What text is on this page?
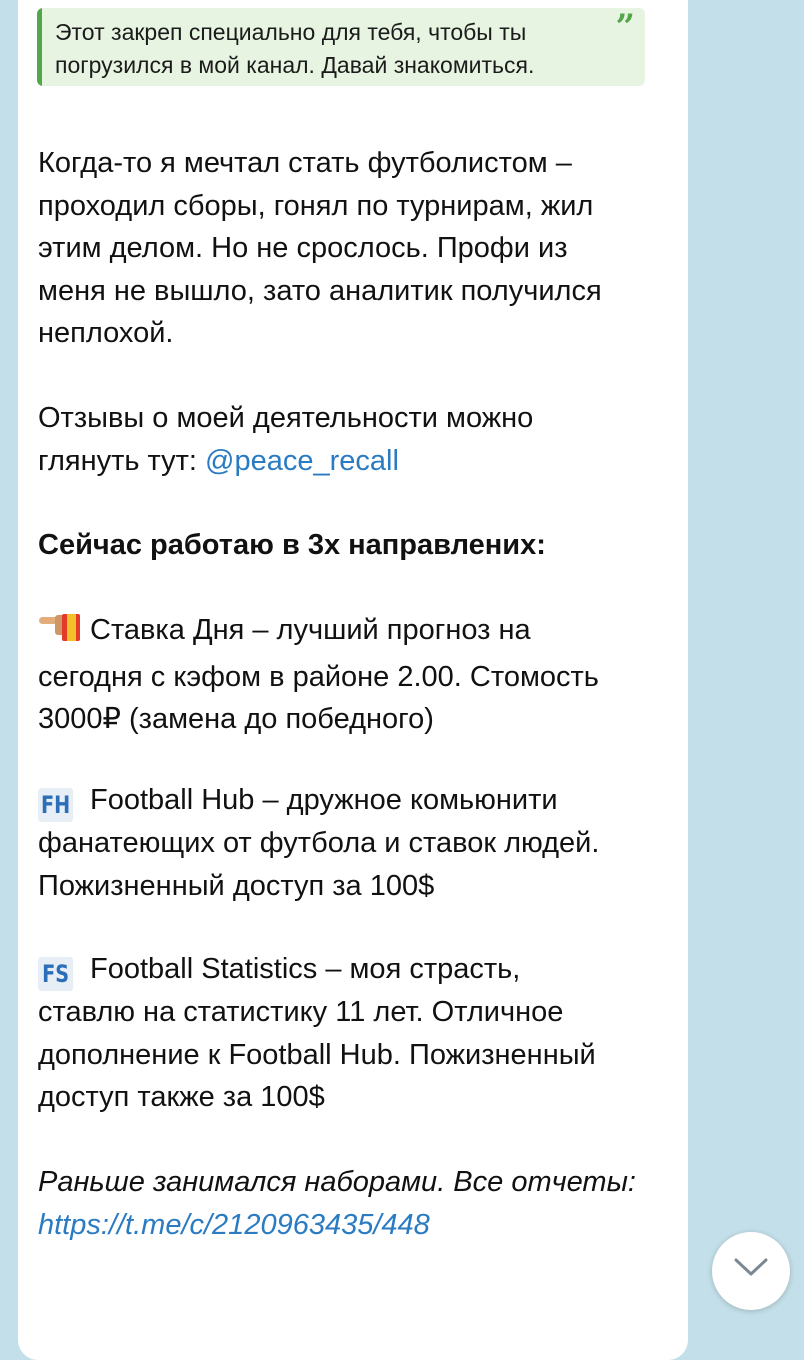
Этот закреп специально для тебя, чтобы ты
погрузился в мой канал. Давай знакомиться.
”
Когда-то я мечтал стать футболистом –
проходил сборы, гонял по турнирам, жил
этим делом. Но не срослось. Профи из
меня не вышло, зато аналитик получился
неплохой.
Отзывы о моей деятельности можно
глянуть тут: @peace_recall
Сейчас работаю в 3х направлених:
Ставка Дня – лучший прогноз на
сегодня с кэфом в районе 2.00. Стомость
3000₽ (замена до победного)
FH Football Hub – дружное комьюнити
фанатеющих от футбола и ставок людей.
Пожизненный доступ за 100$
FS Football Statistics – моя страсть,
ставлю на статистику 11 лет. Отличное
дополнение к Football Hub. Пожизненный
доступ также за 100$
Раньше занимался наборами. Все отчеты:
https://t.me/c/2120963435/448
